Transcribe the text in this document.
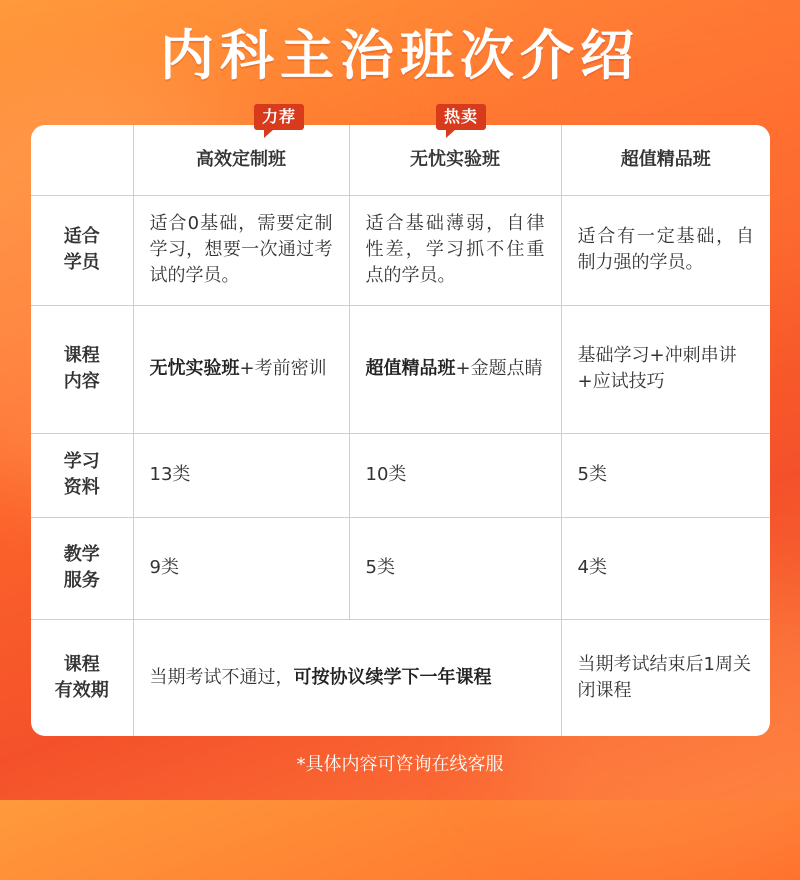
内科主治班次介绍
力荐	热卖
	高效定制班	无忧实验班	超值精品班

适合
学员	适合0基础，需要定制学习，想要一次通过考试的学员。	适合基础薄弱，自律性差，学习抓不住重点的学员。	适合有一定基础，自制力强的学员。

课程
内容	无忧实验班+考前密训	超值精品班+金题点睛	基础学习+冲刺串讲+应试技巧

学习
资料	13类	10类	5类

教学
服务	9类	5类	4类

课程
有效期	当期考试不通过，可按协议续学下一年课程		当期考试结束后1周关闭课程
*具体内容可咨询在线客服
